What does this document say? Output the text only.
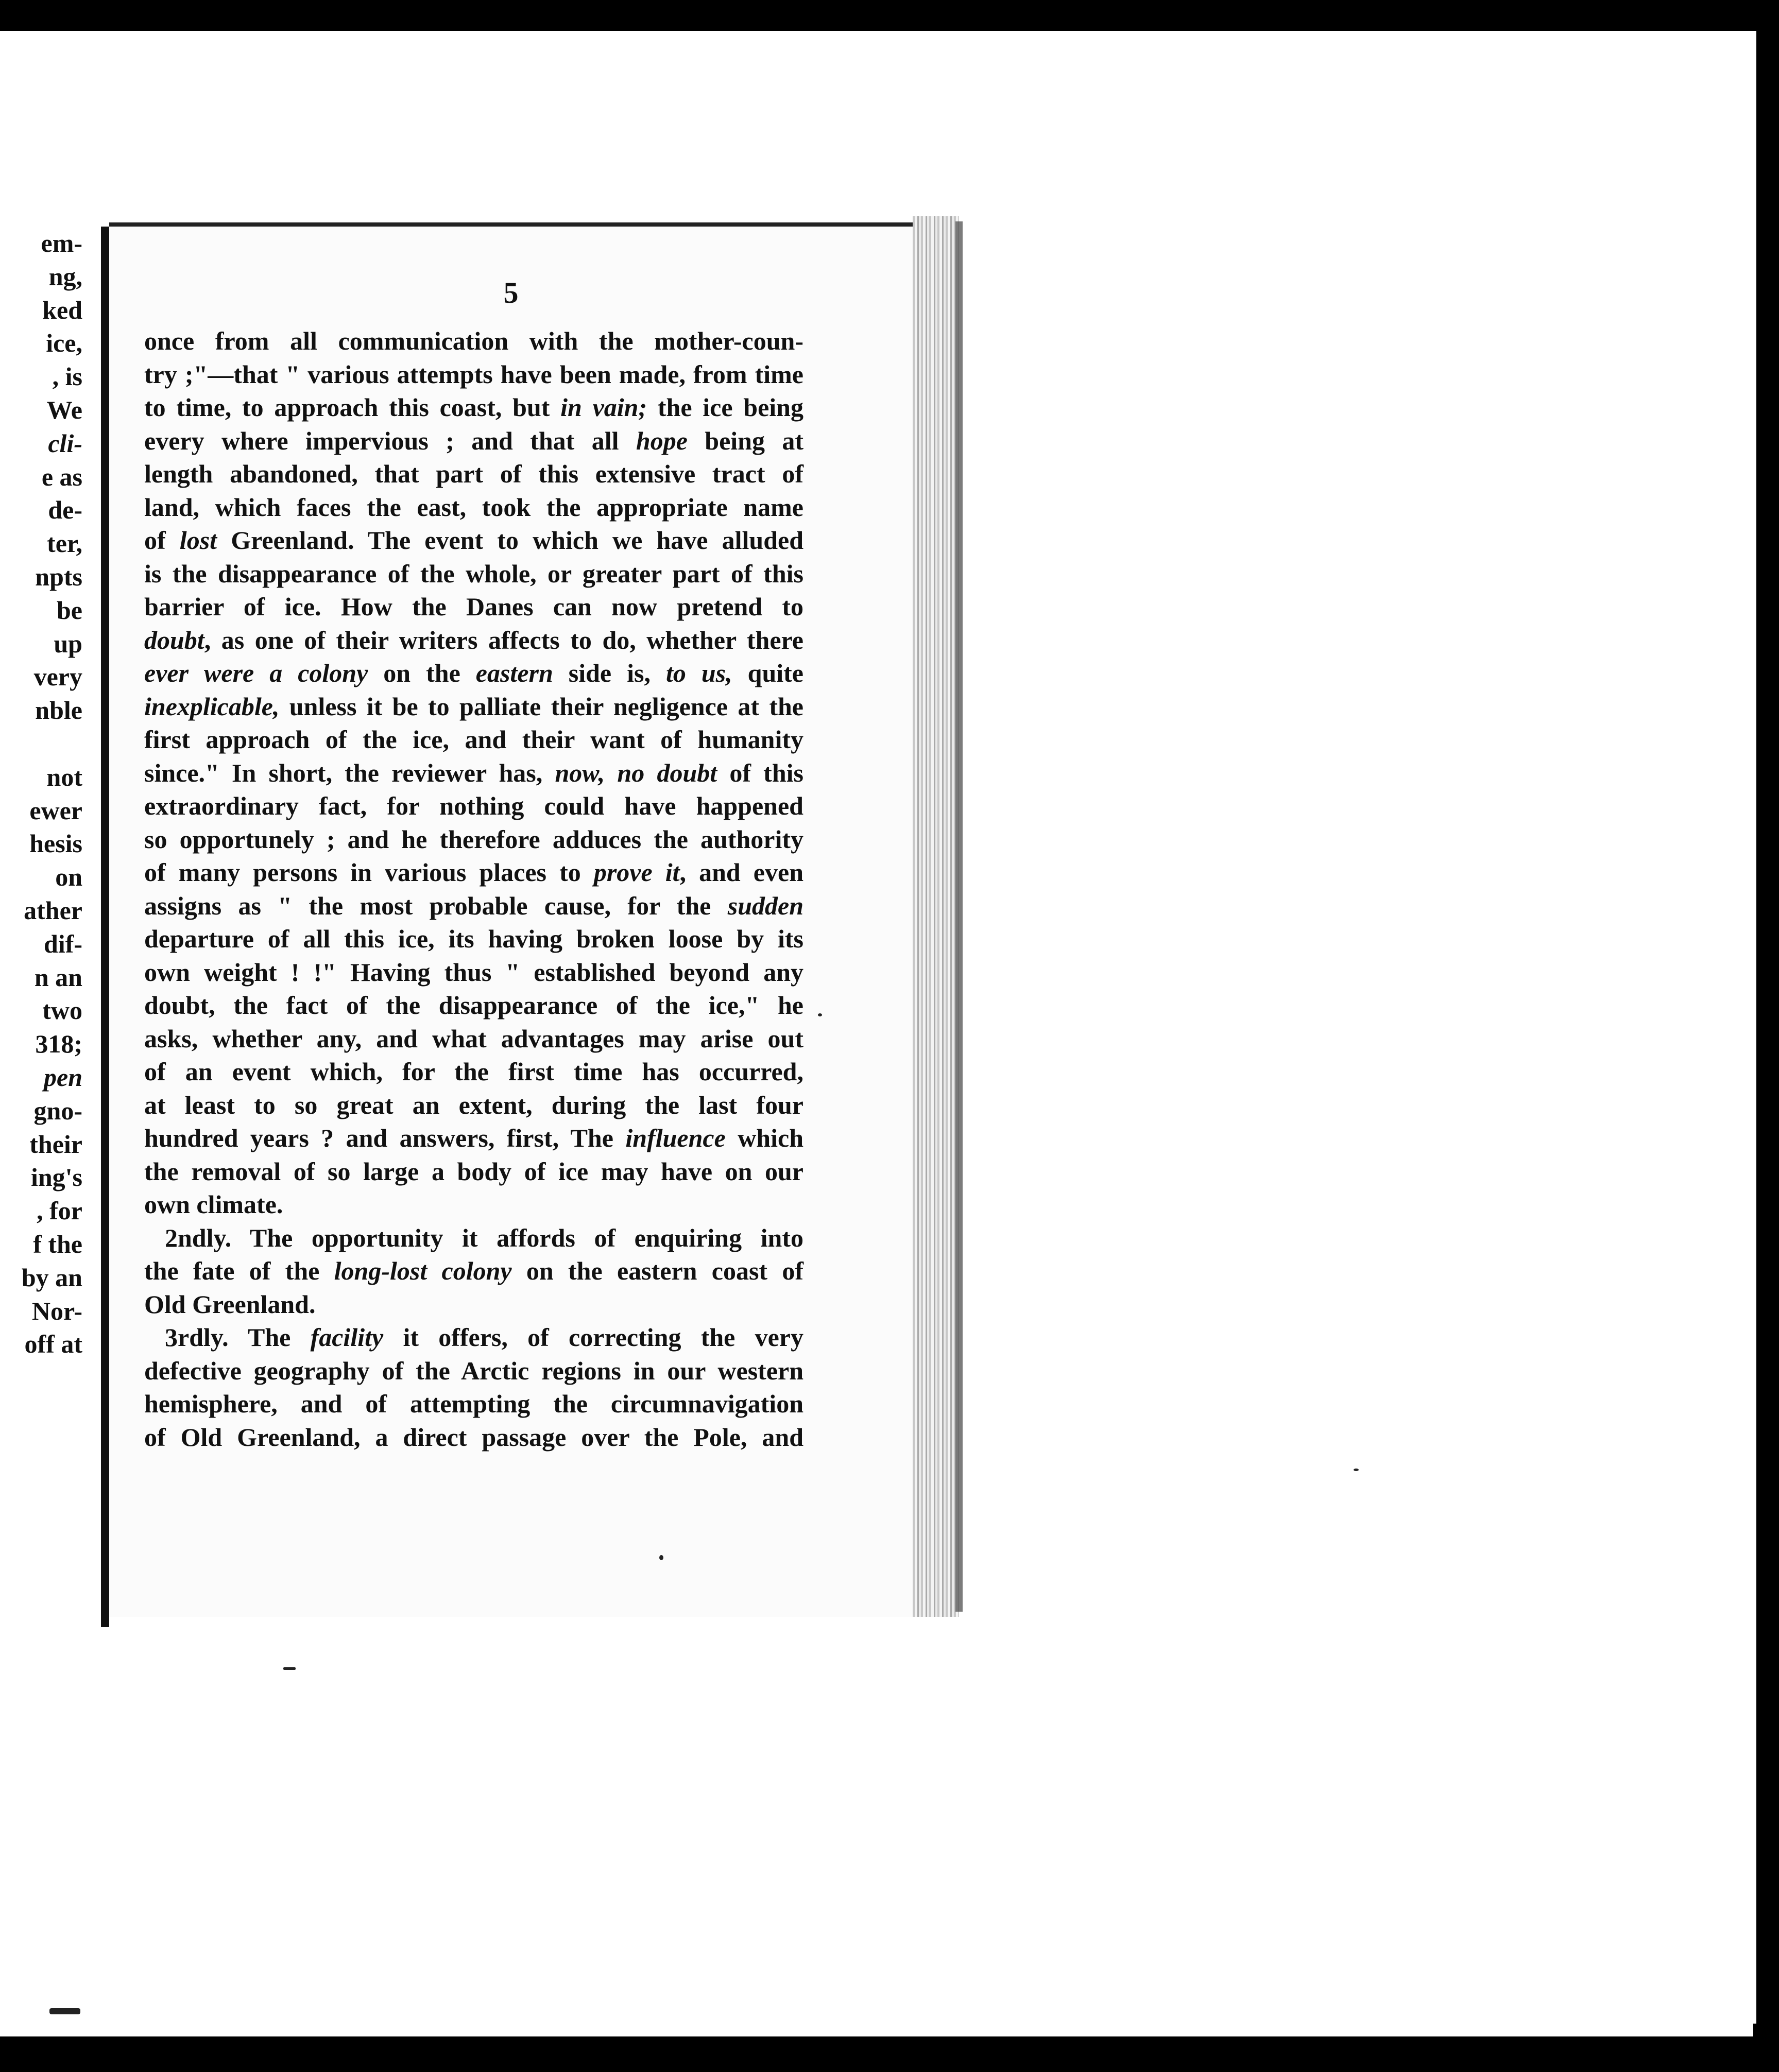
em-
ng,
ked
ice,
, is
We
cli-
e as
de-
ter,
npts
be
up
very
nble
not
ewer
hesis
on
ather
dif-
n an
two
318;
pen
gno-
their
ing's
, for
f the
by an
Nor-
off at
5
once from all communication with the mother-coun-
try ;"—that " various attempts have been made, from time
to time, to approach this coast, but in vain; the ice being
every where impervious ; and that all hope being at
length abandoned, that part of this extensive tract of
land, which faces the east, took the appropriate name
of lost Greenland. The event to which we have alluded
is the disappearance of the whole, or greater part of this
barrier of ice. How the Danes can now pretend to
doubt, as one of their writers affects to do, whether there
ever were a colony on the eastern side is, to us, quite
inexplicable, unless it be to palliate their negligence at the
first approach of the ice, and their want of humanity
since." In short, the reviewer has, now, no doubt of this
extraordinary fact, for nothing could have happened
so opportunely ; and he therefore adduces the authority
of many persons in various places to prove it, and even
assigns as " the most probable cause, for the sudden
departure of all this ice, its having broken loose by its
own weight ! !" Having thus " established beyond any
doubt, the fact of the disappearance of the ice," he
asks, whether any, and what advantages may arise out
of an event which, for the first time has occurred,
at least to so great an extent, during the last four
hundred years ? and answers, first, The influence which
the removal of so large a body of ice may have on our
own climate.
2ndly. The opportunity it affords of enquiring into
the fate of the long-lost colony on the eastern coast of
Old Greenland.
3rdly. The facility it offers, of correcting the very
defective geography of the Arctic regions in our western
hemisphere, and of attempting the circumnavigation
of Old Greenland, a direct passage over the Pole, and
